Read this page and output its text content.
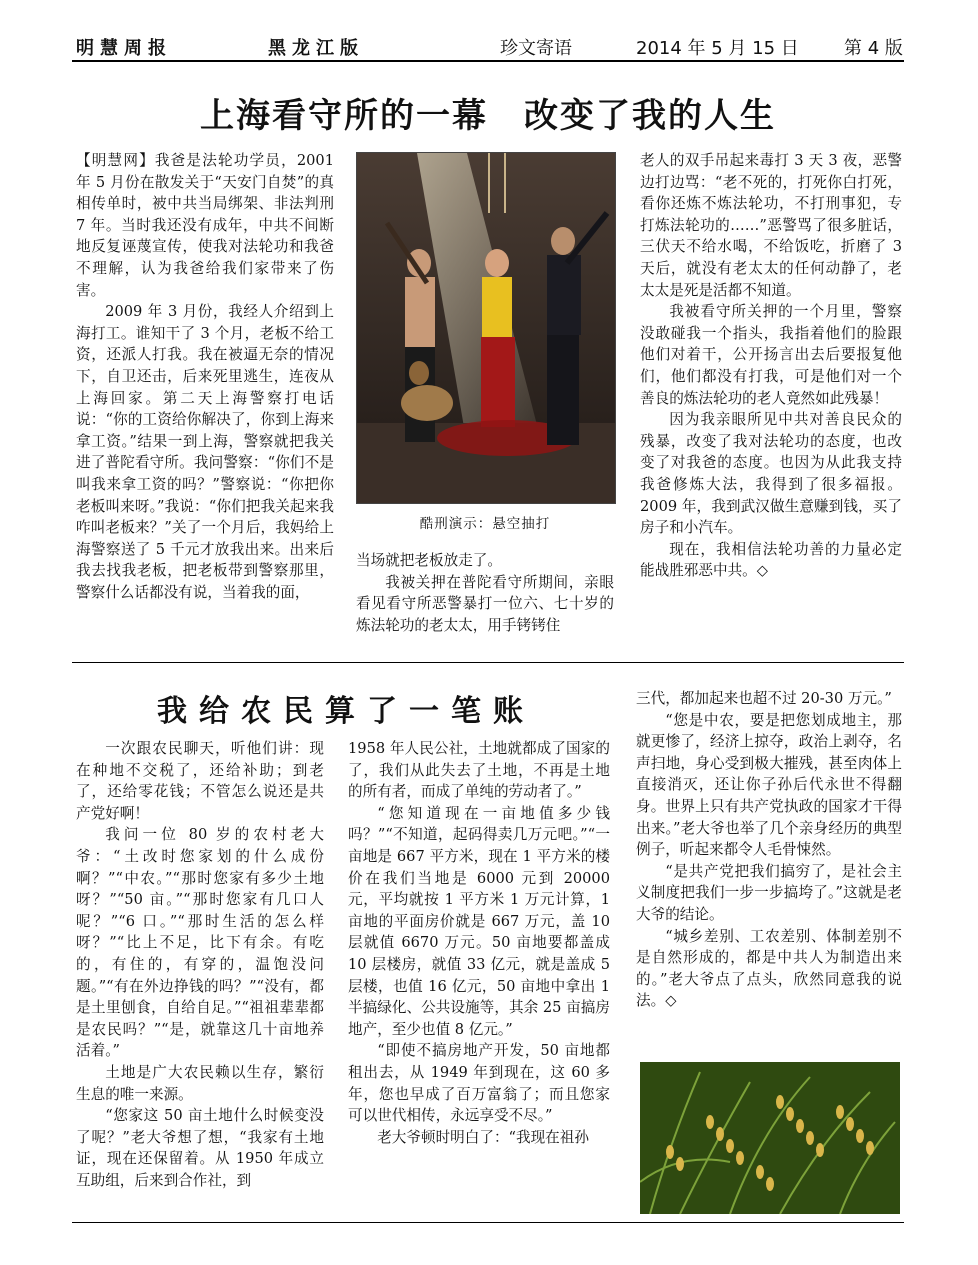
明慧周报	黑龙江版	珍文寄语	2014 年 5 月 15 日	第 4 版
上海看守所的一幕　改变了我的人生

【明慧网】我爸是法轮功学员，2001 年 5 月份在散发关于“天安门自焚”的真相传单时，被中共当局绑架、非法判刑 7 年。当时我还没有成年，中共不间断地反复诬蔑宣传，使我对法轮功和我爸不理解，认为我爸给我们家带来了伤害。

2009 年 3 月份，我经人介绍到上海打工。谁知干了 3 个月，老板不给工资，还派人打我。我在被逼无奈的情况下，自卫还击，后来死里逃生，连夜从上海回家。第二天上海警察打电话说：“你的工资给你解决了，你到上海来拿工资。”结果一到上海，警察就把我关进了普陀看守所。我问警察：“你们不是叫我来拿工资的吗？”警察说：“你把你老板叫来呀。”我说：“你们把我关起来我咋叫老板来？”关了一个月后，我妈给上海警察送了 5 千元才放我出来。出来后我去找我老板，把老板带到警察那里，警察什么话都没有说，当着我的面，

酷刑演示：悬空抽打

当场就把老板放走了。

我被关押在普陀看守所期间，亲眼看见看守所恶警暴打一位六、七十岁的炼法轮功的老太太，用手铐铐住

老人的双手吊起来毒打 3 天 3 夜，恶警边打边骂：“老不死的，打死你白打死，看你还炼不炼法轮功，不打刑事犯，专打炼法轮功的……”恶警骂了很多脏话，三伏天不给水喝，不给饭吃，折磨了 3 天后，就没有老太太的任何动静了，老太太是死是活都不知道。

我被看守所关押的一个月里，警察没敢碰我一个指头，我指着他们的脸跟他们对着干，公开扬言出去后要报复他们，他们都没有打我，可是他们对一个善良的炼法轮功的老人竟然如此残暴！

因为我亲眼所见中共对善良民众的残暴，改变了我对法轮功的态度，也改变了对我爸的态度。也因为从此我支持我爸修炼大法，我得到了很多福报。2009 年，我到武汉做生意赚到钱，买了房子和小汽车。

现在，我相信法轮功善的力量必定能战胜邪恶中共。◇

我给农民算了一笔账

一次跟农民聊天，听他们讲：现在种地不交税了，还给补助；到老了，还给零花钱；不管怎么说还是共产党好啊！

我问一位 80 岁的农村老大爷：“土改时您家划的什么成份啊？”“中农。”“那时您家有多少土地呀？”“50 亩。”“那时您家有几口人呢？”“6 口。”“那时生活的怎么样呀？”“比上不足，比下有余。有吃的，有住的，有穿的，温饱没问题。”“有在外边挣钱的吗？”“没有，都是土里刨食，自给自足。”“祖祖辈辈都是农民吗？”“是，就靠这几十亩地养活着。”

土地是广大农民赖以生存，繁衍生息的唯一来源。

“您家这 50 亩土地什么时候变没了呢？”老大爷想了想，“我家有土地证，现在还保留着。从 1950 年成立互助组，后来到合作社，到

1958 年人民公社，土地就都成了国家的了，我们从此失去了土地，不再是土地的所有者，而成了单纯的劳动者了。”

“您知道现在一亩地值多少钱吗？”“不知道，起码得卖几万元吧。”“一亩地是 667 平方米，现在 1 平方米的楼价在我们当地是 6000 元到 20000 元，平均就按 1 平方米 1 万元计算，1 亩地的平面房价就是 667 万元，盖 10 层就值 6670 万元。50 亩地要都盖成 10 层楼房，就值 33 亿元，就是盖成 5 层楼，也值 16 亿元，50 亩地中拿出 1 半搞绿化、公共设施等，其余 25 亩搞房地产，至少也值 8 亿元。”

“即使不搞房地产开发，50 亩地都租出去，从 1949 年到现在，这 60 多年，您也早成了百万富翁了；而且您家可以世代相传，永远享受不尽。”

老大爷顿时明白了：“我现在祖孙

三代，都加起来也超不过 20-30 万元。”

“您是中农，要是把您划成地主，那就更惨了，经济上掠夺，政治上剥夺，名声扫地，身心受到极大摧残，甚至肉体上直接消灭，还让你子孙后代永世不得翻身。世界上只有共产党执政的国家才干得出来。”老大爷也举了几个亲身经历的典型例子，听起来都令人毛骨悚然。

“是共产党把我们搞穷了，是社会主义制度把我们一步一步搞垮了。”这就是老大爷的结论。

“城乡差别、工农差别、体制差别不是自然形成的，都是中共人为制造出来的。”老大爷点了点头，欣然同意我的说法。◇
